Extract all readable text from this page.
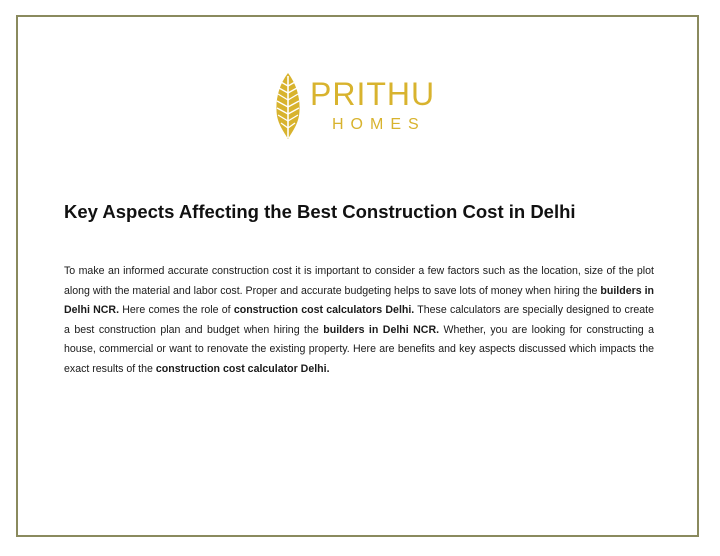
PRITHU
HOMES
Key Aspects Affecting the Best Construction Cost in Delhi

To make an informed accurate construction cost it is important to consider a few factors such as the location, size of the plot along with the material and labor cost. Proper and accurate budgeting helps to save lots of money when hiring the builders in Delhi NCR. Here comes the role of construction cost calculators Delhi. These calculators are specially designed to create a best construction plan and budget when hiring the builders in Delhi NCR. Whether, you are looking for constructing a house, commercial or want to renovate the existing property. Here are benefits and key aspects discussed which impacts the exact results of the construction cost calculator Delhi.
